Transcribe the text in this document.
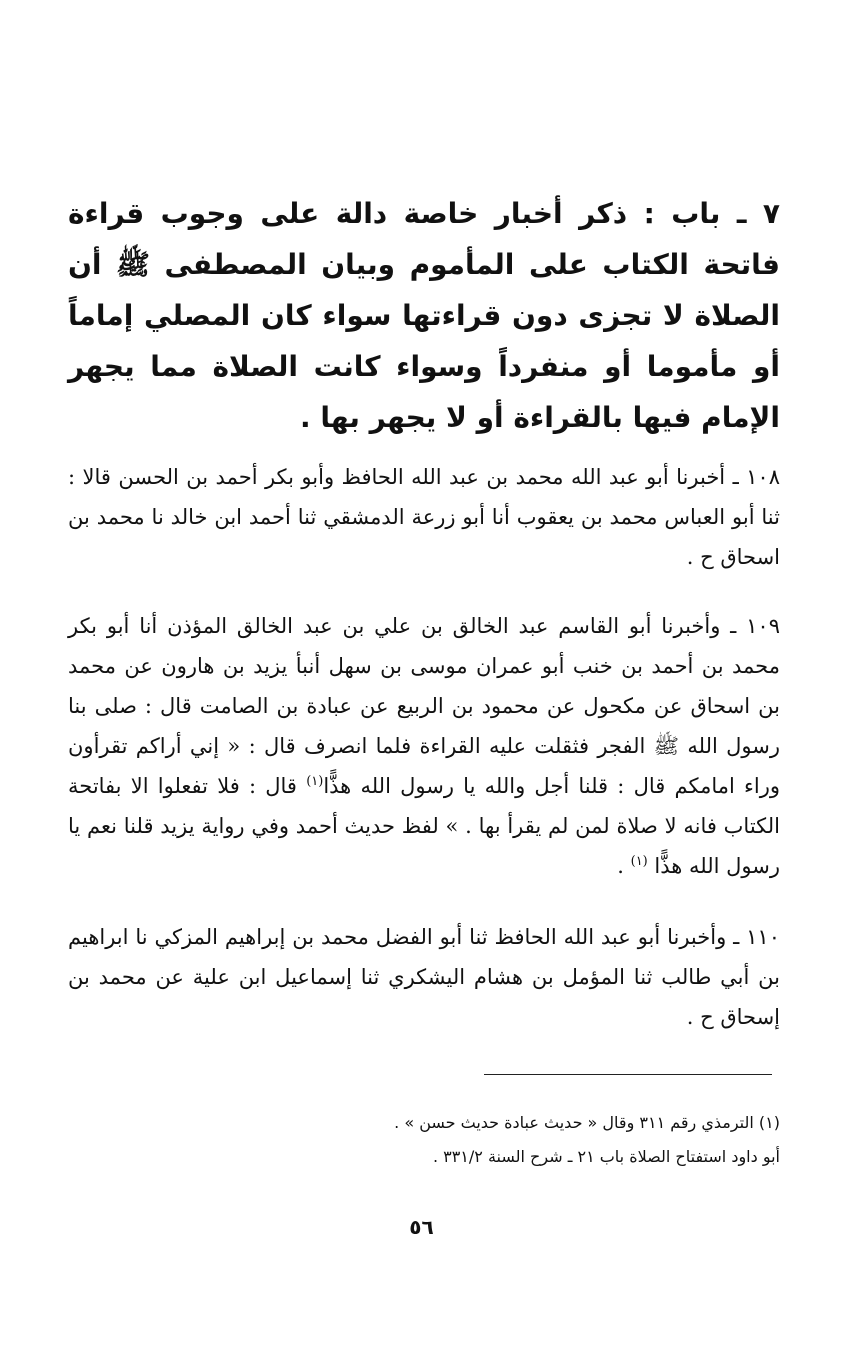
٧ ـ باب : ذكر أخبار خاصة دالة على وجوب قراءة فاتحة الكتاب على المأموم وبيان المصطفى ﷺ أن الصلاة لا تجزى دون قراءتها سواء كان المصلي إماماً أو مأموما أو منفرداً وسواء كانت الصلاة مما يجهر الإمام فيها بالقراءة أو لا يجهر بها .

١٠٨ ـ أخبرنا أبو عبد الله محمد بن عبد الله الحافظ وأبو بكر أحمد بن الحسن قالا : ثنا أبو العباس محمد بن يعقوب أنا أبو زرعة الدمشقي ثنا أحمد ابن خالد نا محمد بن اسحاق ح .

١٠٩ ـ وأخبرنا أبو القاسم عبد الخالق بن علي بن عبد الخالق المؤذن أنا أبو بكر محمد بن أحمد بن خنب أبو عمران موسى بن سهل أنبأ يزيد بن هارون عن محمد بن اسحاق عن مكحول عن محمود بن الربيع عن عبادة بن الصامت قال : صلى بنا رسول الله ﷺ الفجر فثقلت عليه القراءة فلما انصرف قال : « إني أراكم تقرأون وراء امامكم قال : قلنا أجل والله يا رسول الله هذًّا$^{(١)}$ قال : فلا تفعلوا الا بفاتحة الكتاب فانه لا صلاة لمن لم يقرأ بها . » لفظ حديث أحمد وفي رواية يزيد قلنا نعم يا رسول الله هذًّا $^{(١)}$ .

١١٠ ـ وأخبرنا أبو عبد الله الحافظ ثنا أبو الفضل محمد بن إبراهيم المزكي نا ابراهيم بن أبي طالب ثنا المؤمل بن هشام اليشكري ثنا إسماعيل ابن علية عن محمد بن إسحاق ح .

(١) الترمذي رقم ٣١١ وقال « حديث عبادة حديث حسن » .
أبو داود استفتاح الصلاة باب ٢١ ـ شرح السنة ٣٣١/٢ .
٥٦
